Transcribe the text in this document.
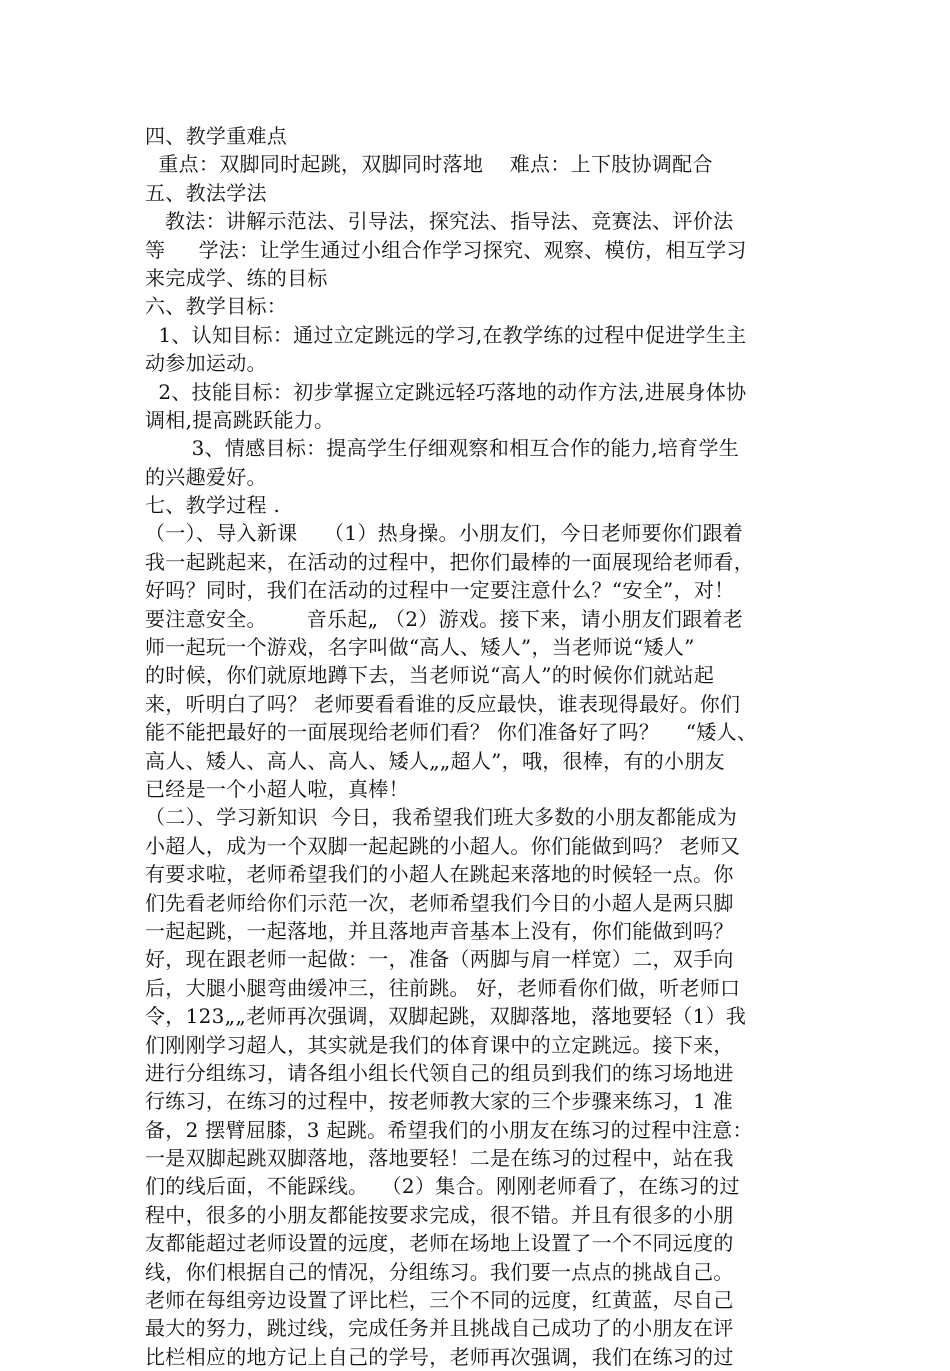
四、教学重难点
重点：双脚同时起跳，双脚同时落地    难点：上下肢协调配合
五、教法学法
教法：讲解示范法、引导法，探究法、指导法、竞赛法、评价法
等     学法：让学生通过小组合作学习探究、观察、模仿，相互学习
来完成学、练的目标
六、教学目标：
1、认知目标：通过立定跳远的学习,在教学练的过程中促进学生主
动参加运动。
2、技能目标：初步掌握立定跳远轻巧落地的动作方法,进展身体协
调相,提高跳跃能力。
3、情感目标：提高学生仔细观察和相互合作的能力,培育学生
的兴趣爱好。
七、教学过程 .
（一）、导入新课    （1）热身操。小朋友们，今日老师要你们跟着
我一起跳起来，在活动的过程中，把你们最棒的一面展现给老师看，
好吗？同时，我们在活动的过程中一定要注意什么？“安全”，对！
要注意安全。      音乐起„ （2）游戏。接下来，请小朋友们跟着老
师一起玩一个游戏，名字叫做“高人、矮人”，当老师说“矮人”
的时候，你们就原地蹲下去，当老师说“高人”的时候你们就站起
来，听明白了吗？ 老师要看看谁的反应最快，谁表现得最好。你们
能不能把最好的一面展现给老师们看？ 你们准备好了吗？    “矮人、
高人、矮人、高人、高人、矮人„„超人”，哦，很棒，有的小朋友
已经是一个小超人啦，真棒！
（二）、学习新知识  今日，我希望我们班大多数的小朋友都能成为
小超人，成为一个双脚一起起跳的小超人。你们能做到吗？ 老师又
有要求啦，老师希望我们的小超人在跳起来落地的时候轻一点。你
们先看老师给你们示范一次，老师希望我们今日的小超人是两只脚
一起起跳，一起落地，并且落地声音基本上没有，你们能做到吗？
好，现在跟老师一起做：一，准备（两脚与肩一样宽）二，双手向
后，大腿小腿弯曲缓冲三，往前跳。 好，老师看你们做，听老师口
令，123„„老师再次强调，双脚起跳，双脚落地，落地要轻（1）我
们刚刚学习超人，其实就是我们的体育课中的立定跳远。接下来，
进行分组练习，请各组小组长代领自己的组员到我们的练习场地进
行练习，在练习的过程中，按老师教大家的三个步骤来练习，1 准
备，2 摆臂屈膝，3 起跳。希望我们的小朋友在练习的过程中注意：
一是双脚起跳双脚落地，落地要轻！二是在练习的过程中，站在我
们的线后面，不能踩线。  （2）集合。刚刚老师看了，在练习的过
程中，很多的小朋友都能按要求完成，很不错。并且有很多的小朋
友都能超过老师设置的远度，老师在场地上设置了一个不同远度的
线，你们根据自己的情况，分组练习。我们要一点点的挑战自己。
老师在每组旁边设置了评比栏，三个不同的远度，红黄蓝，尽自己
最大的努力，跳过线，完成任务并且挑战自己成功了的小朋友在评
比栏相应的地方记上自己的学号，老师再次强调，我们在练习的过
